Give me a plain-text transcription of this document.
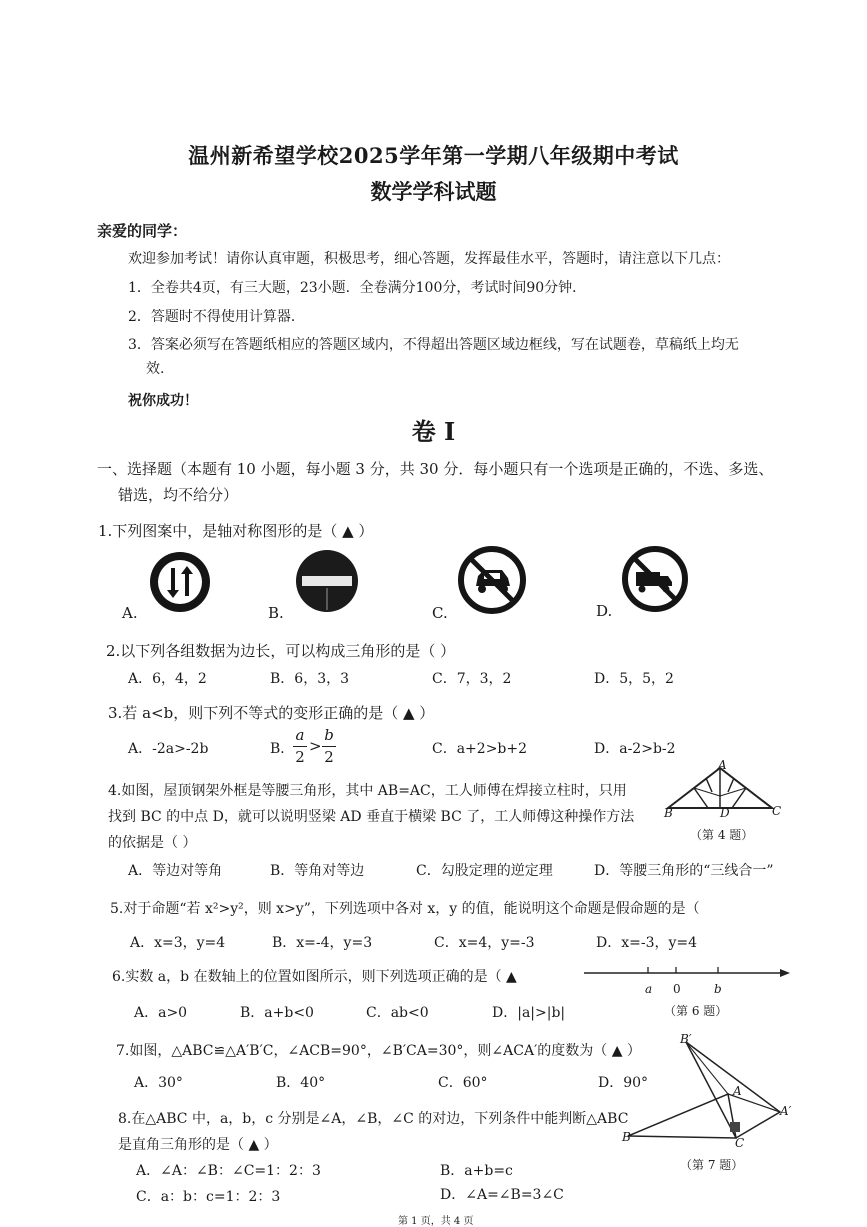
温州新希望学校2025学年第一学期八年级期中考试
数学学科试题
亲爱的同学：
欢迎参加考试！请你认真审题，积极思考，细心答题，发挥最佳水平，答题时，请注意以下几点：
1．全卷共4页，有三大题，23小题．全卷满分100分，考试时间90分钟．
2．答题时不得使用计算器．
3．答案必须写在答题纸相应的答题区域内，不得超出答题区域边框线，写在试题卷，草稿纸上均无
效.
祝你成功！
卷 I
一、选择题（本题有 10 小题，每小题 3 分，共 30 分．每小题只有一个选项是正确的，不选、多选、
错选，均不给分）
1.下列图案中，是轴对称图形的是（ ▲ ）
A.	B.	C.	D.
2.以下列各组数据为边长，可以构成三角形的是（ ）
A．6，4，2	B．6，3，3	C．7，3，2	D．5，5，2
3.若 a<b，则下列不等式的变形正确的是（ ▲ ）
A．-2a>-2b	B．
a
2
>
b
2	C．a+2>b+2	D．a-2>b-2
4.如图，屋顶钢架外框是等腰三角形，其中 AB=AC，工人师傅在焊接立柱时，只用
找到 BC 的中点 D，就可以说明竖梁 AD 垂直于横梁 BC 了，工人师傅这种操作方法
的依据是（ ）
A
B	D	C
（第 4 题）
A．等边对等角	B．等角对等边	C．勾股定理的逆定理	D．等腰三角形的“三线合一”
5.对于命题“若 x²>y²，则 x>y”，下列选项中各对 x，y 的值，能说明这个命题是假命题的是（
A．x=3，y=4	B．x=-4，y=3	C．x=4，y=-3	D．x=-3，y=4
6.实数 a，b 在数轴上的位置如图所示，则下列选项正确的是（ ▲
a 0	b
（第 6 题）
A．a>0	B．a+b<0	C．ab<0	D．|a|>|b|
7.如图，△ABC≌△A′B′C，∠ACB=90°，∠B′CA=30°，则∠ACA′的度数为（ ▲ ）
A．30°	B．40°	C．60°	D．90°
B′
A
A′
B	C
（第 7 题）
8.在△ABC 中，a，b，c 分别是∠A，∠B，∠C 的对边，下列条件中能判断△ABC
是直角三角形的是（ ▲ ）
A．∠A：∠B：∠C=1：2：3	B．a+b=c
C．a：b：c=1：2：3	D．∠A=∠B=3∠C
第 1 页，共 4 页
